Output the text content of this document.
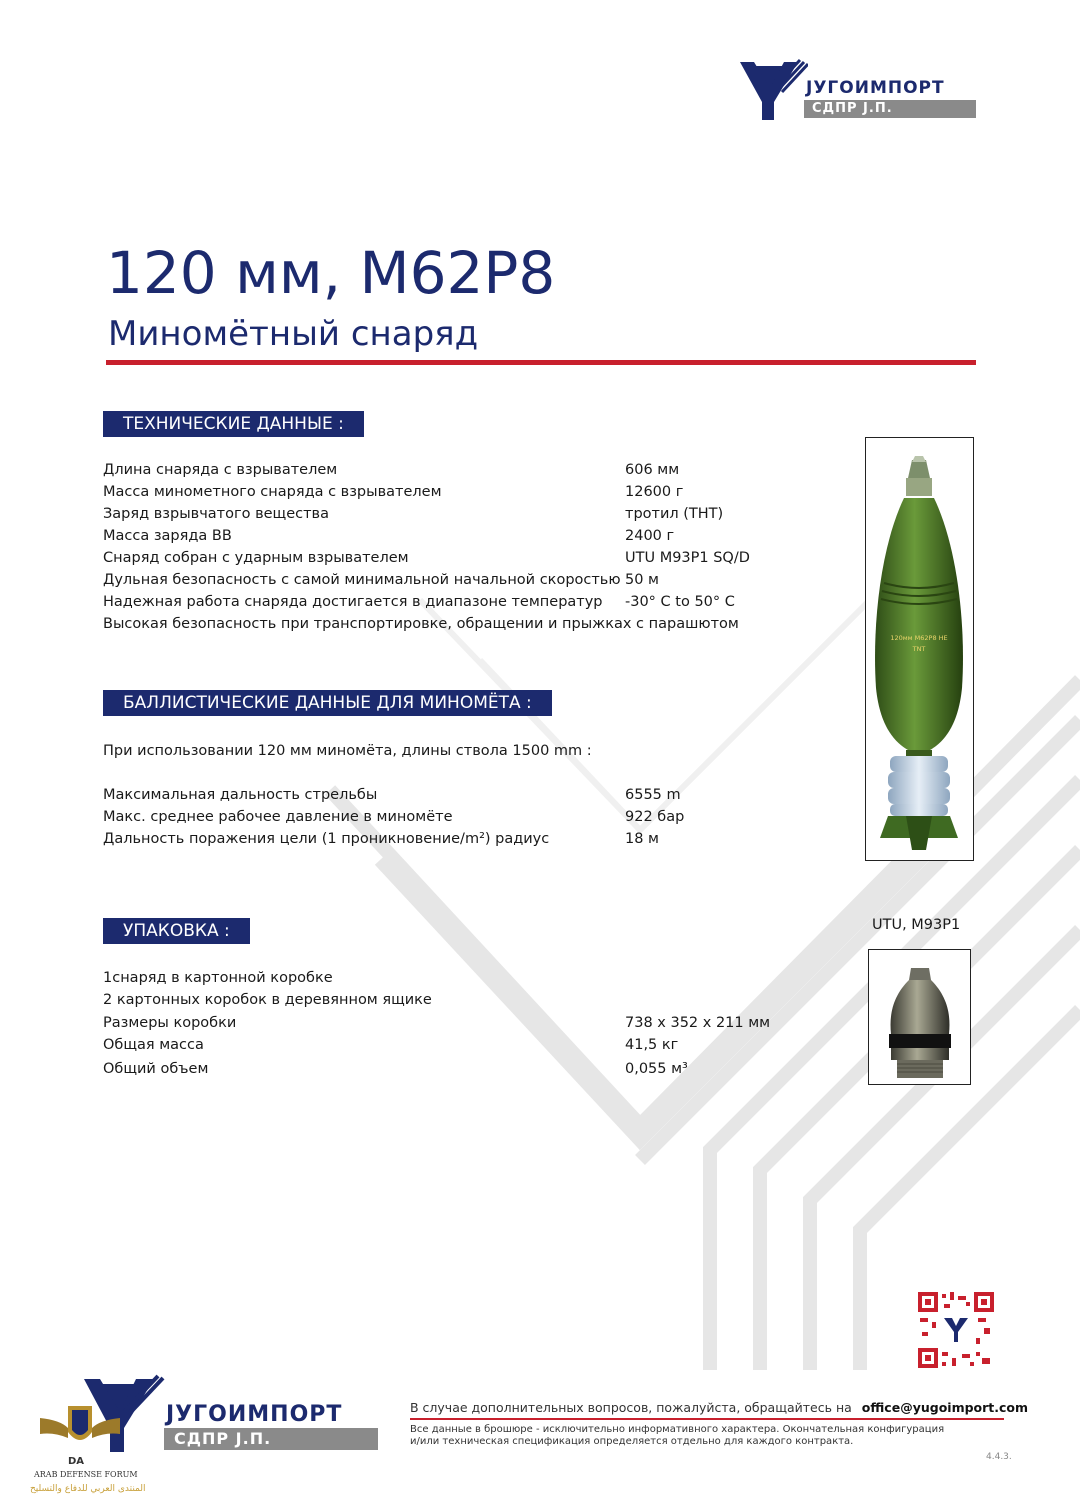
ЈУГОИМПОРТ
СДПР Ј.П.
120 мм, M62P8
Минoмётный снаряд
ТЕХНИЧЕСКИЕ ДАННЫЕ :
Длина снаряда с взрывателем	606 мм
Масса минометного снаряда с взрывателем	12600 г
Заряд взрывчатого вещества	тротил (ТНТ)
Масса заряда ВВ	2400 г
Снаряд собран с ударным взрывателем	UTU M93P1 SQ/D
Дульная безопасность с самой минимальной начальной скоростью 50 м
Надежная работа снаряда достигается в диапазоне температур -30° C to 50° C
Высокая безопасность при транспортировке, обращении и прыжках с парашютом
БАЛЛИСТИЧЕСКИЕ ДАННЫЕ ДЛЯ МИНОМЁТА :
При использовании 120 мм миномёта, длины ствола 1500 mm :
Максимальная дальность стрельбы	6555 m
Макс. среднее рабочее давление в миномёте	922 бар
Дальность поражения цели (1 проникновение/m²) радиус	18 м
УПАКОВКА :
1снаряд в картонной коробке
2 картонных коробок в деревянном ящике
Размеры коробки	738 x 352 x 211 мм
Общая масса	41,5 кг
Общий объем	0,055 м³
120мм M62P8 HE
TNT
UTU, M93P1
ЈУГОИМПОРТ
СДПР Ј.П.
В случае дополнительных вопросов, пожалуйста, обращайтесь на office@yugoimport.com
Все данные в брошюре - исключительно информативного характера. Окончательная конфигурация
и/или техническая спецификация определяется отдельно для каждого контракта.
4.4.3.
DA
ARAB DEFENSE FORUM
المنتدى العربي للدفاع والتسليح
